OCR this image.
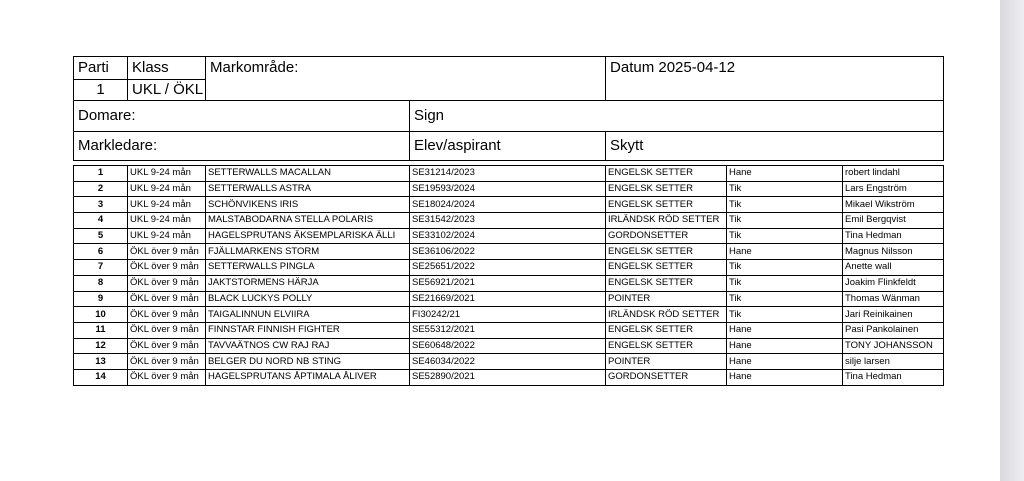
Parti	Klass	Markområde:		Datum 2025-04-12
1	UKL / ÖKL			
Domare:			Sign	
Markledare:			Elev/aspirant	Skytt
1	UKL 9-24 mån	SETTERWALLS MACALLAN	SE31214/2023	ENGELSK SETTER	Hane	robert lindahl
2	UKL 9-24 mån	SETTERWALLS ASTRA	SE19593/2024	ENGELSK SETTER	Tik	Lars Engström
3	UKL 9-24 mån	SCHÖNVIKENS IRIS	SE18024/2024	ENGELSK SETTER	Tik	Mikael Wikström
4	UKL 9-24 mån	MALSTABODARNA STELLA POLARIS	SE31542/2023	IRLÄNDSK RÖD SETTER	Tik	Emil Bergqvist
5	UKL 9-24 mån	HAGELSPRUTANS ÄKSEMPLARISKA ÄLLI	SE33102/2024	GORDONSETTER	Tik	Tina Hedman
6	ÖKL över 9 mån	FJÄLLMARKENS STORM	SE36106/2022	ENGELSK SETTER	Hane	Magnus Nilsson
7	ÖKL över 9 mån	SETTERWALLS PINGLA	SE25651/2022	ENGELSK SETTER	Tik	Anette wall
8	ÖKL över 9 mån	JAKTSTORMENS HÄRJA	SE56921/2021	ENGELSK SETTER	Tik	Joakim Flinkfeldt
9	ÖKL över 9 mån	BLACK LUCKYS POLLY	SE21669/2021	POINTER	Tik	Thomas Wänman
10	ÖKL över 9 mån	TAIGALINNUN ELVIIRA	FI30242/21	IRLÄNDSK RÖD SETTER	Tik	Jari Reinikainen
11	ÖKL över 9 mån	FINNSTAR FINNISH FIGHTER	SE55312/2021	ENGELSK SETTER	Hane	Pasi Pankolainen
12	ÖKL över 9 mån	TAVVAÄTNOS CW RAJ RAJ	SE60648/2022	ENGELSK SETTER	Hane	TONY JOHANSSON
13	ÖKL över 9 mån	BELGER DU NORD NB STING	SE46034/2022	POINTER	Hane	silje larsen
14	ÖKL över 9 mån	HAGELSPRUTANS ÅPTIMALA ÅLIVER	SE52890/2021	GORDONSETTER	Hane	Tina Hedman
